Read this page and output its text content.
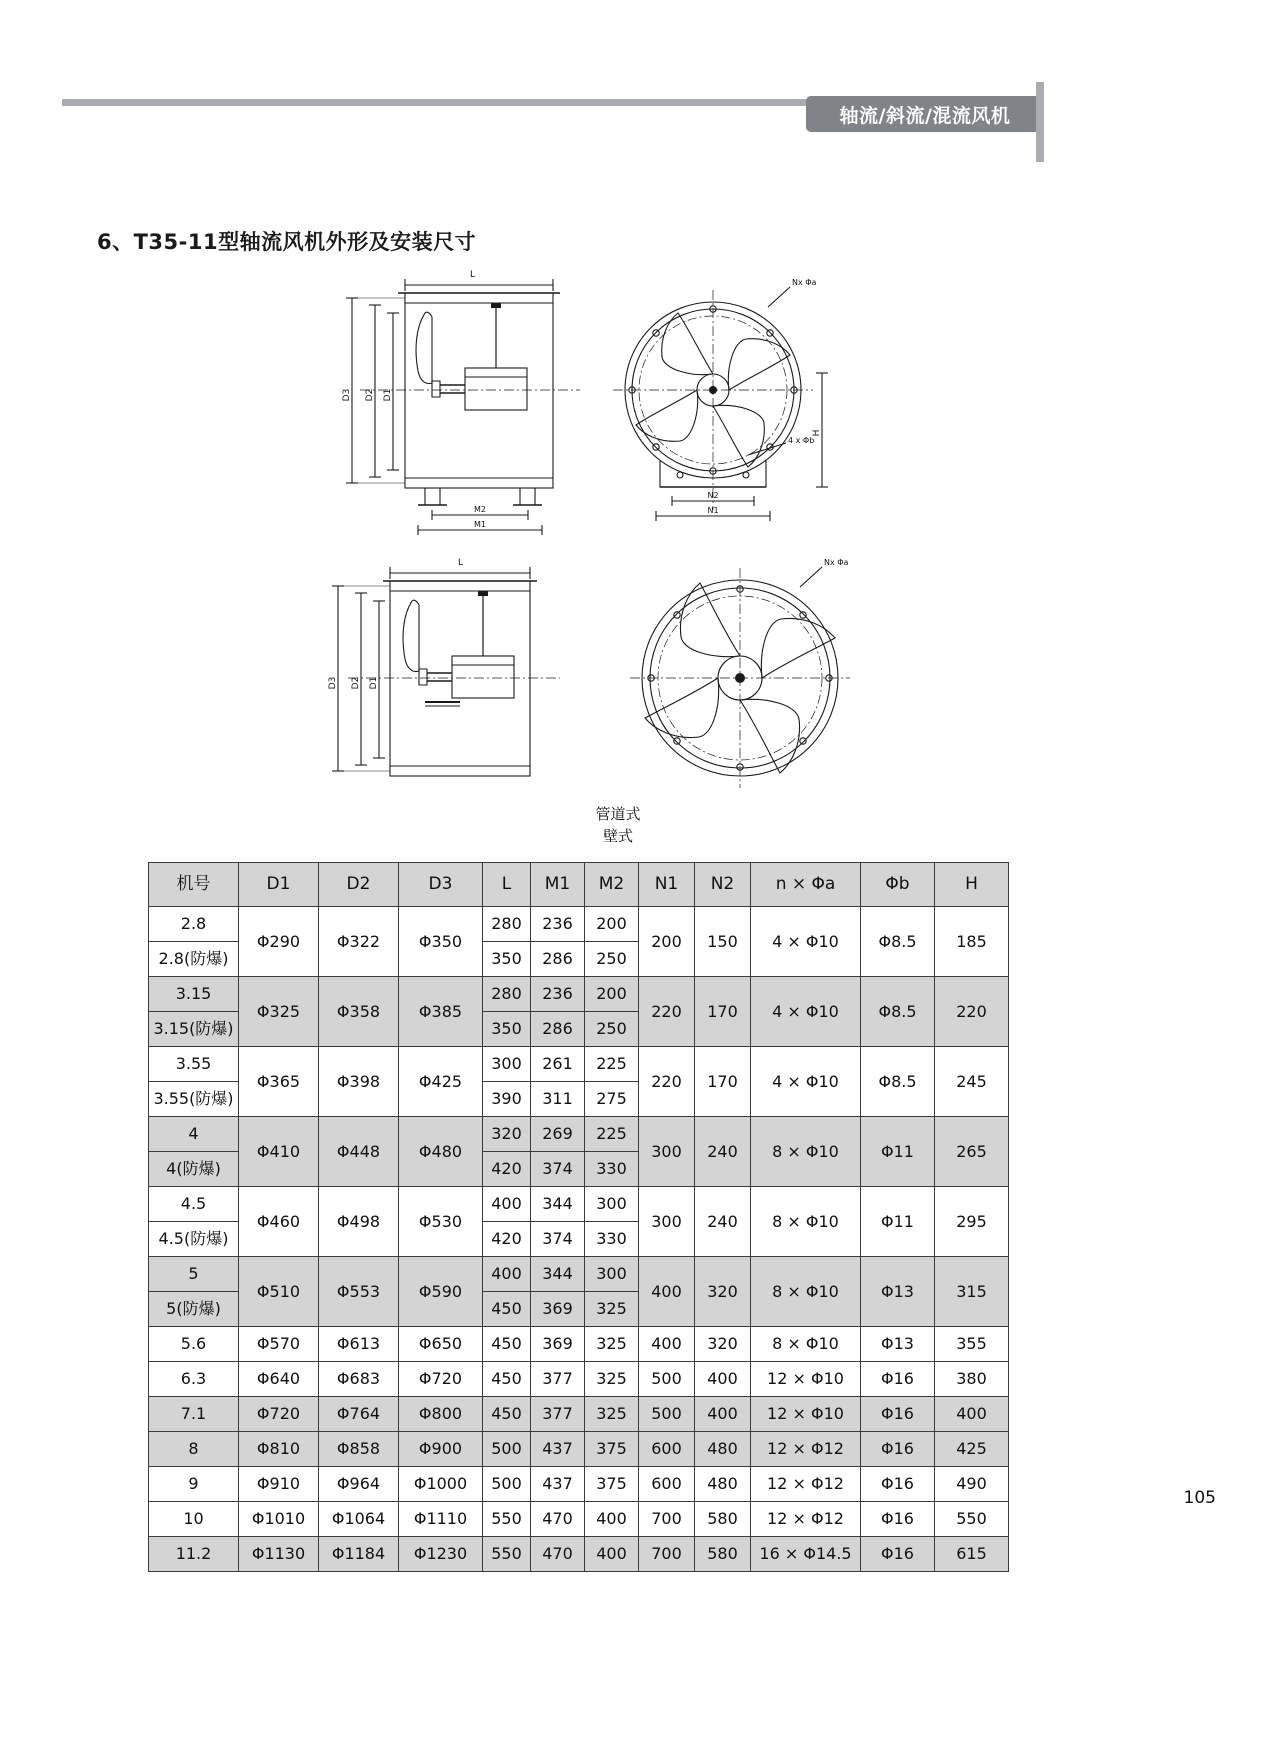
轴流/斜流/混流风机
6、T35-11型轴流风机外形及安装尺寸
L
D3 D2 D1
M2
M1
Nx Φa
4 x Φb
H
N2
N1
L
D3 D2 D1
Nx Φa
管道式
壁式
机号	D1	D2	D3	L	M1	M2	N1	N2	n × Φa	Φb	H
2.8	Φ290	Φ322	Φ350	280	236	200	200	150	4 × Φ10	Φ8.5	185
2.8(防爆)				350	286	250					
3.15	Φ325	Φ358	Φ385	280	236	200	220	170	4 × Φ10	Φ8.5	220
3.15(防爆)				350	286	250					
3.55	Φ365	Φ398	Φ425	300	261	225	220	170	4 × Φ10	Φ8.5	245
3.55(防爆)				390	311	275					
4	Φ410	Φ448	Φ480	320	269	225	300	240	8 × Φ10	Φ11	265
4(防爆)				420	374	330					
4.5	Φ460	Φ498	Φ530	400	344	300	300	240	8 × Φ10	Φ11	295
4.5(防爆)				420	374	330					
5	Φ510	Φ553	Φ590	400	344	300	400	320	8 × Φ10	Φ13	315
5(防爆)				450	369	325					
5.6	Φ570	Φ613	Φ650	450	369	325	400	320	8 × Φ10	Φ13	355
6.3	Φ640	Φ683	Φ720	450	377	325	500	400	12 × Φ10	Φ16	380
7.1	Φ720	Φ764	Φ800	450	377	325	500	400	12 × Φ10	Φ16	400
8	Φ810	Φ858	Φ900	500	437	375	600	480	12 × Φ12	Φ16	425
9	Φ910	Φ964	Φ1000	500	437	375	600	480	12 × Φ12	Φ16	490
10	Φ1010	Φ1064	Φ1110	550	470	400	700	580	12 × Φ12	Φ16	550
11.2	Φ1130	Φ1184	Φ1230	550	470	400	700	580	16 × Φ14.5	Φ16	615
105
